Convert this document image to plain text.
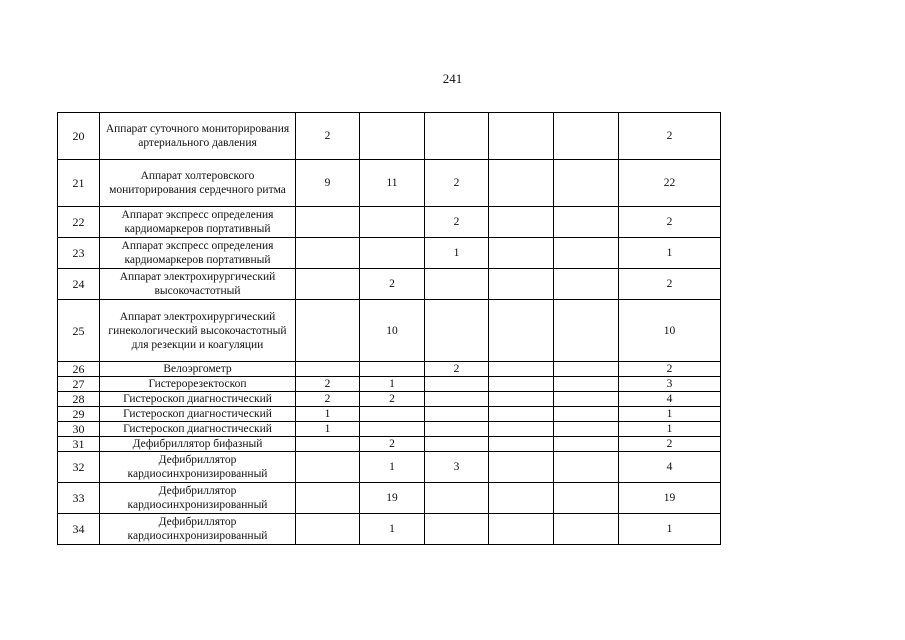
241
20	Аппарат суточного мониторирования артериального давления	2					2
21	Аппарат холтеровского мониторирования сердечного ритма	9	11	2			22
22	Аппарат экспресс определения кардиомаркеров портативный			2			2
23	Аппарат экспресс определения кардиомаркеров портативный			1			1
24	Аппарат электрохирургический высокочастотный		2				2
25	Аппарат электрохирургический гинекологический высокочастотный для резекции и коагуляции		10				10
26	Велоэргометр			2			2
27	Гистерорезектоскоп	2	1				3
28	Гистероскоп диагностический	2	2				4
29	Гистероскоп диагностический	1					1
30	Гистероскоп диагностический	1					1
31	Дефибриллятор бифазный		2				2
32	Дефибриллятор кардиосинхронизированный		1	3			4
33	Дефибриллятор кардиосинхронизированный		19				19
34	Дефибриллятор кардиосинхронизированный		1				1
